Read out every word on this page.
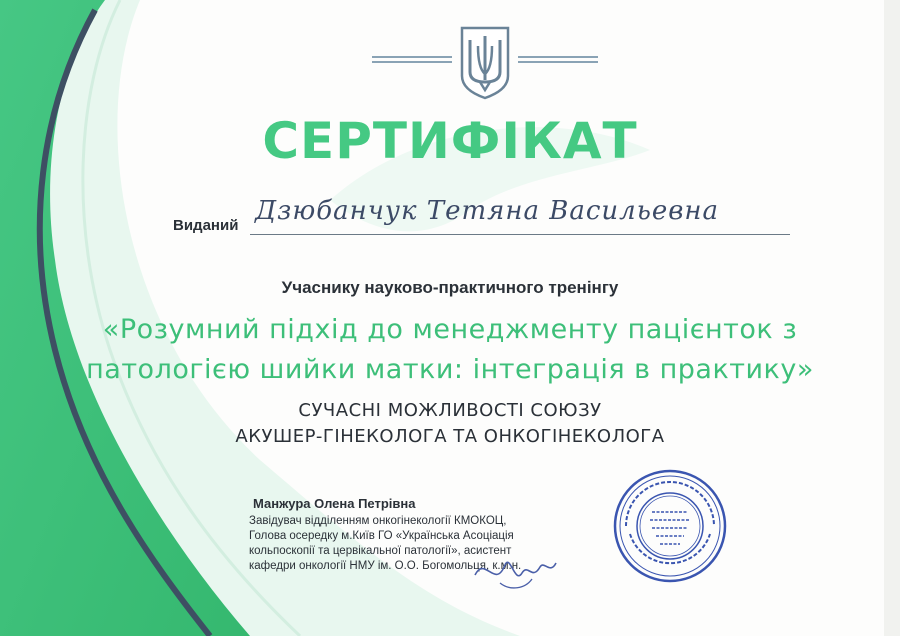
СЕРТИФІКАТ
Виданий Дзюбанчук Тетяна Васильевна
Учаснику науково-практичного тренінгу
«Розумний підхід до менеджменту пацієнток з
патологією шийки матки: інтеграція в практику»
СУЧАСНІ МОЖЛИВОСТІ СОЮЗУ
АКУШЕР-ГІНЕКОЛОГА ТА ОНКОГІНЕКОЛОГА
Манжура Олена Петрівна
Завідувач відділенням онкогінекології КМОКОЦ,
Голова осередку м.Київ ГО «Українська Асоціація
кольпоскопії та цервікальної патології», асистент
кафедри онкології НМУ ім. О.О. Богомольця, к.м.н.
